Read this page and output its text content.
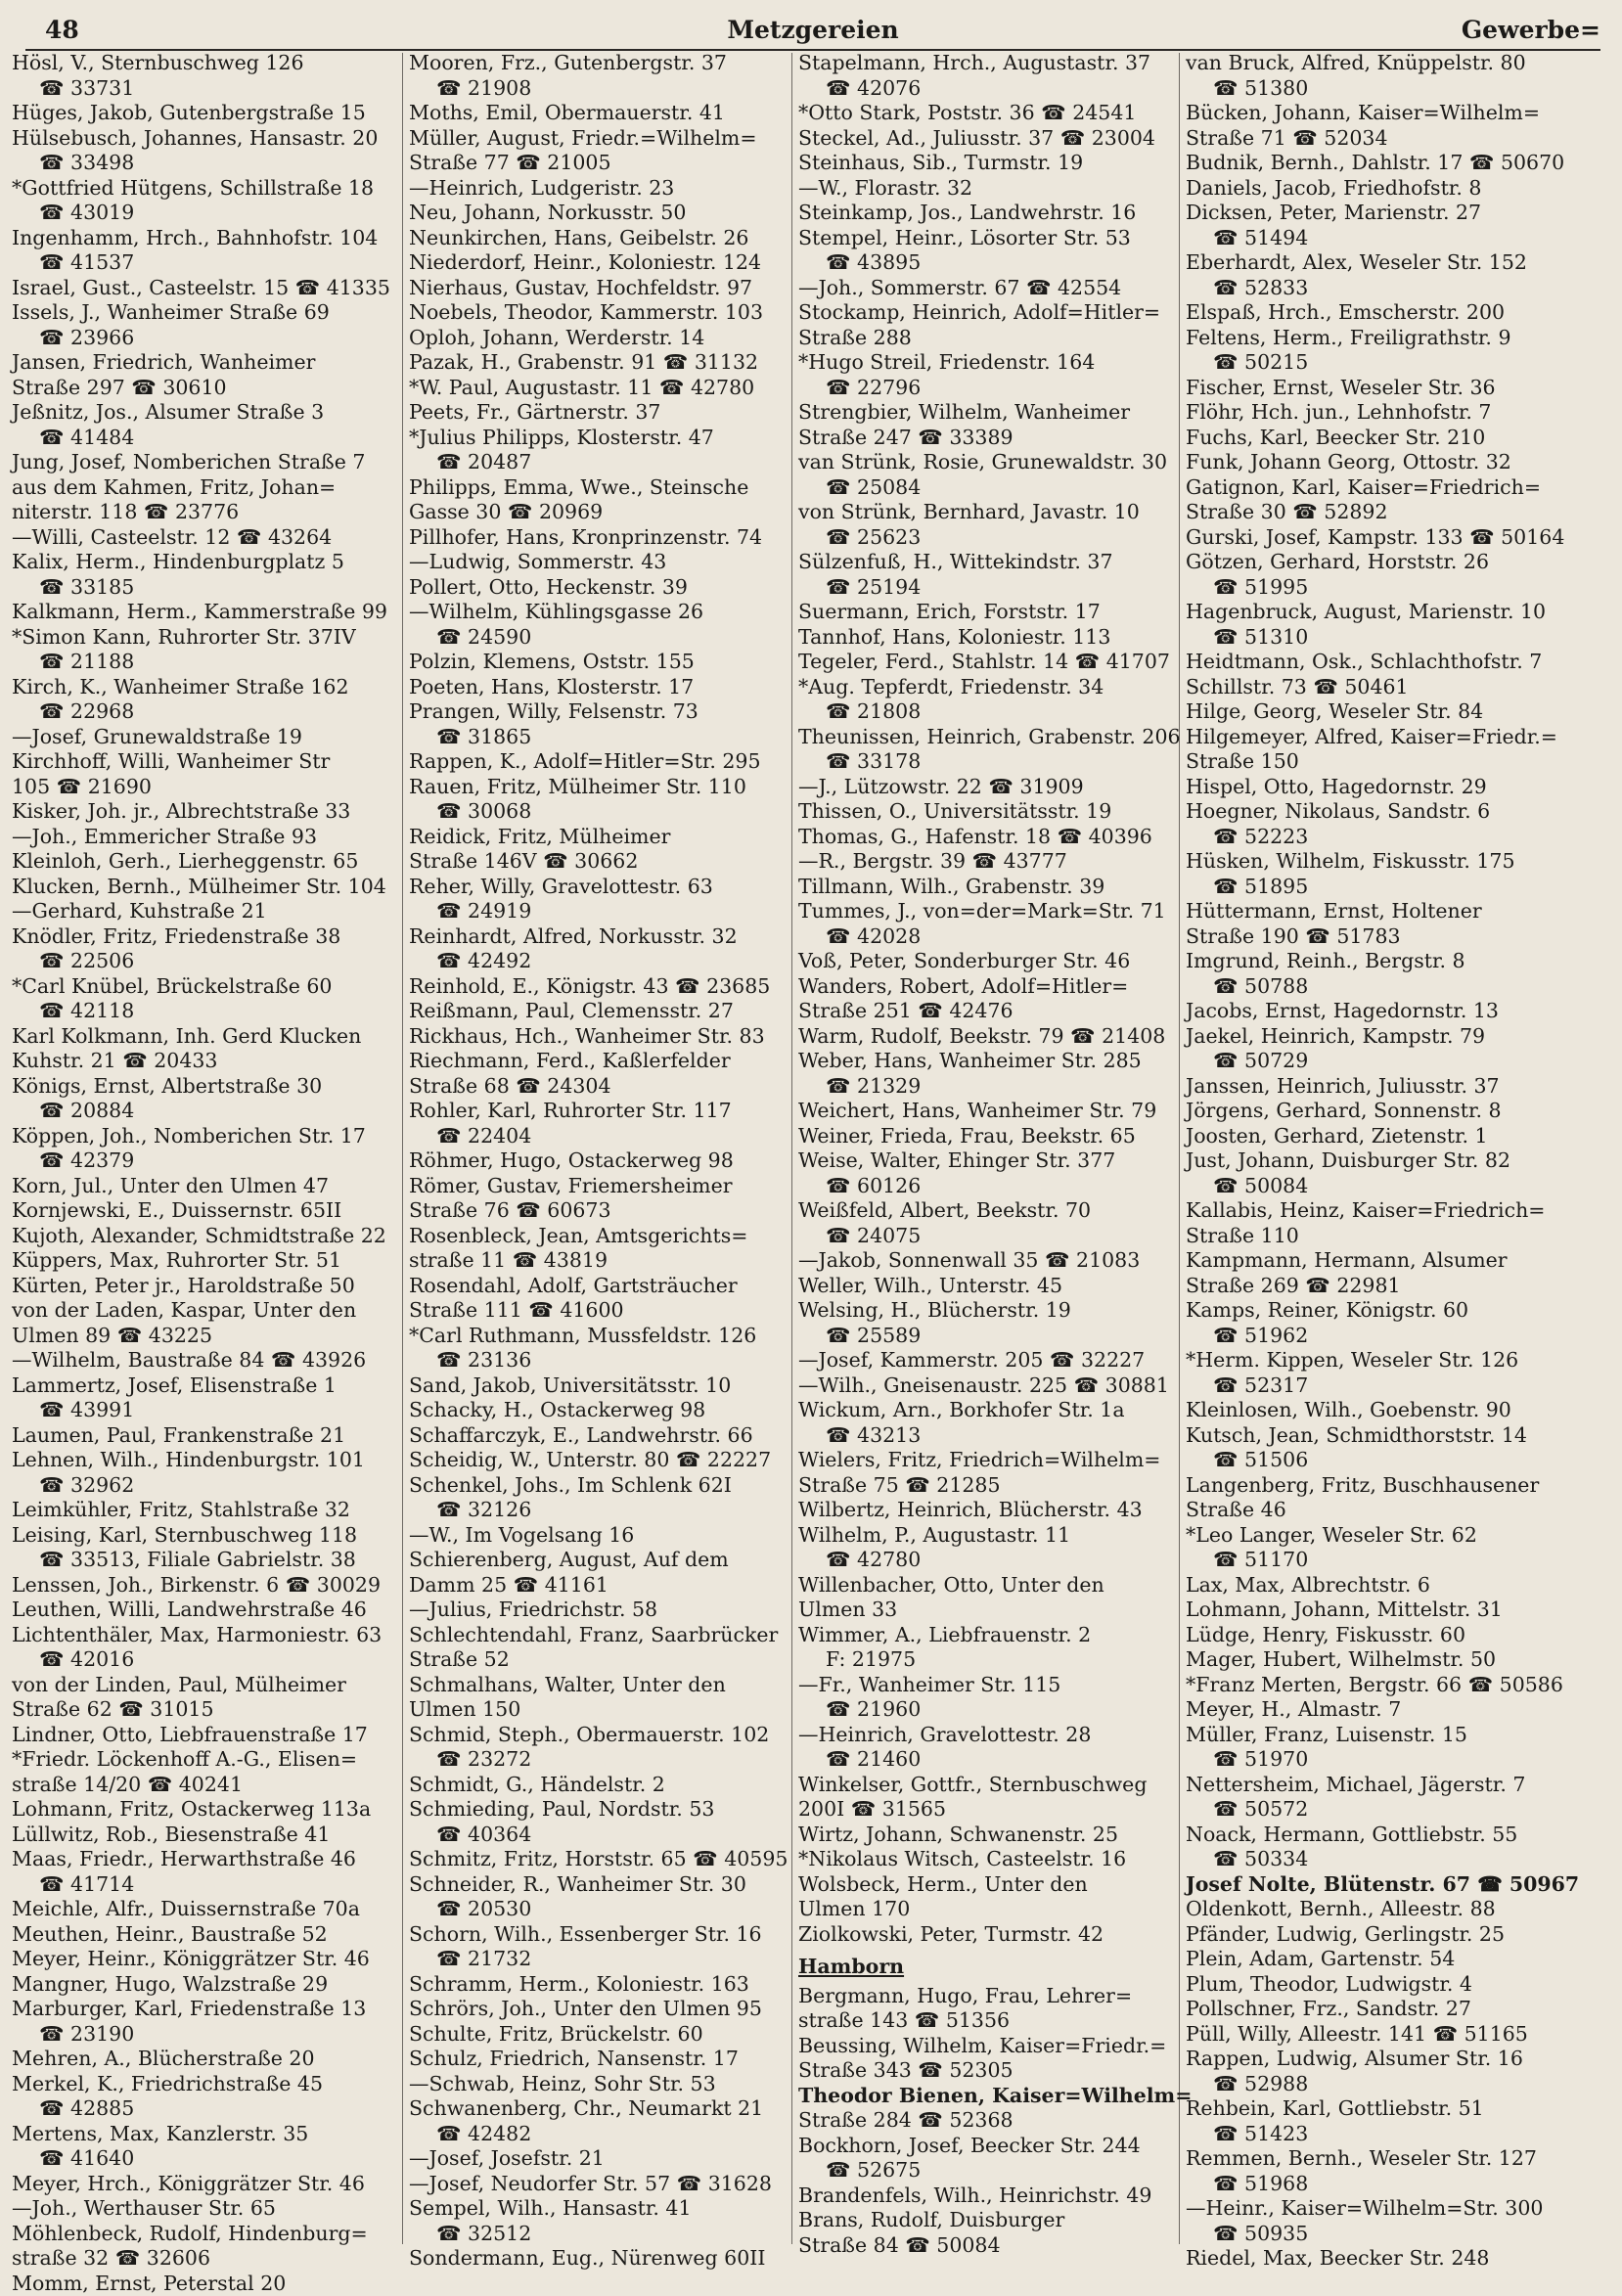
48	Metzgereien	Gewerbe=
Hösl, V., Sternbuschweg 126
☎ 33731
Hüges, Jakob, Gutenbergstraße 15
Hülsebusch, Johannes, Hansastr. 20
☎ 33498
*Gottfried Hütgens, Schillstraße 18
☎ 43019
Ingenhamm, Hrch., Bahnhofstr. 104
☎ 41537
Israel, Gust., Casteelstr. 15 ☎ 41335
Issels, J., Wanheimer Straße 69
☎ 23966
Jansen, Friedrich, Wanheimer
Straße 297 ☎ 30610
Jeßnitz, Jos., Alsumer Straße 3
☎ 41484
Jung, Josef, Nomberichen Straße 7
aus dem Kahmen, Fritz, Johan=
niterstr. 118 ☎ 23776
—Willi, Casteelstr. 12 ☎ 43264
Kalix, Herm., Hindenburgplatz 5
☎ 33185
Kalkmann, Herm., Kammerstraße 99
*Simon Kann, Ruhrorter Str. 37IV
☎ 21188
Kirch, K., Wanheimer Straße 162
☎ 22968
—Josef, Grunewaldstraße 19
Kirchhoff, Willi, Wanheimer Str
105 ☎ 21690
Kisker, Joh. jr., Albrechtstraße 33
—Joh., Emmericher Straße 93
Kleinloh, Gerh., Lierheggenstr. 65
Klucken, Bernh., Mülheimer Str. 104
—Gerhard, Kuhstraße 21
Knödler, Fritz, Friedenstraße 38
☎ 22506
*Carl Knübel, Brückelstraße 60
☎ 42118
Karl Kolkmann, Inh. Gerd Klucken
Kuhstr. 21 ☎ 20433
Königs, Ernst, Albertstraße 30
☎ 20884
Köppen, Joh., Nomberichen Str. 17
☎ 42379
Korn, Jul., Unter den Ulmen 47
Kornjewski, E., Duissernstr. 65II
Kujoth, Alexander, Schmidtstraße 22
Küppers, Max, Ruhrorter Str. 51
Kürten, Peter jr., Haroldstraße 50
von der Laden, Kaspar, Unter den
Ulmen 89 ☎ 43225
—Wilhelm, Baustraße 84 ☎ 43926
Lammertz, Josef, Elisenstraße 1
☎ 43991
Laumen, Paul, Frankenstraße 21
Lehnen, Wilh., Hindenburgstr. 101
☎ 32962
Leimkühler, Fritz, Stahlstraße 32
Leising, Karl, Sternbuschweg 118
☎ 33513, Filiale Gabrielstr. 38
Lenssen, Joh., Birkenstr. 6 ☎ 30029
Leuthen, Willi, Landwehrstraße 46
Lichtenthäler, Max, Harmoniestr. 63
☎ 42016
von der Linden, Paul, Mülheimer
Straße 62 ☎ 31015
Lindner, Otto, Liebfrauenstraße 17
*Friedr. Löckenhoff A.-G., Elisen=
straße 14/20 ☎ 40241
Lohmann, Fritz, Ostackerweg 113a
Lüllwitz, Rob., Biesenstraße 41
Maas, Friedr., Herwarthstraße 46
☎ 41714
Meichle, Alfr., Duissernstraße 70a
Meuthen, Heinr., Baustraße 52
Meyer, Heinr., Königgrätzer Str. 46
Mangner, Hugo, Walzstraße 29
Marburger, Karl, Friedenstraße 13
☎ 23190
Mehren, A., Blücherstraße 20
Merkel, K., Friedrichstraße 45
☎ 42885
Mertens, Max, Kanzlerstr. 35
☎ 41640
Meyer, Hrch., Königgrätzer Str. 46
—Joh., Werthauser Str. 65
Möhlenbeck, Rudolf, Hindenburg=
straße 32 ☎ 32606
Momm, Ernst, Peterstal 20
Mooren, Frz., Gutenbergstr. 37
☎ 21908
Moths, Emil, Obermauerstr. 41
Müller, August, Friedr.=Wilhelm=
Straße 77 ☎ 21005
—Heinrich, Ludgeristr. 23
Neu, Johann, Norkusstr. 50
Neunkirchen, Hans, Geibelstr. 26
Niederdorf, Heinr., Koloniestr. 124
Nierhaus, Gustav, Hochfeldstr. 97
Noebels, Theodor, Kammerstr. 103
Oploh, Johann, Werderstr. 14
Pazak, H., Grabenstr. 91 ☎ 31132
*W. Paul, Augustastr. 11 ☎ 42780
Peets, Fr., Gärtnerstr. 37
*Julius Philipps, Klosterstr. 47
☎ 20487
Philipps, Emma, Wwe., Steinsche
Gasse 30 ☎ 20969
Pillhofer, Hans, Kronprinzenstr. 74
—Ludwig, Sommerstr. 43
Pollert, Otto, Heckenstr. 39
—Wilhelm, Kühlingsgasse 26
☎ 24590
Polzin, Klemens, Oststr. 155
Poeten, Hans, Klosterstr. 17
Prangen, Willy, Felsenstr. 73
☎ 31865
Rappen, K., Adolf=Hitler=Str. 295
Rauen, Fritz, Mülheimer Str. 110
☎ 30068
Reidick, Fritz, Mülheimer
Straße 146V ☎ 30662
Reher, Willy, Gravelottestr. 63
☎ 24919
Reinhardt, Alfred, Norkusstr. 32
☎ 42492
Reinhold, E., Königstr. 43 ☎ 23685
Reißmann, Paul, Clemensstr. 27
Rickhaus, Hch., Wanheimer Str. 83
Riechmann, Ferd., Kaßlerfelder
Straße 68 ☎ 24304
Rohler, Karl, Ruhrorter Str. 117
☎ 22404
Röhmer, Hugo, Ostackerweg 98
Römer, Gustav, Friemersheimer
Straße 76 ☎ 60673
Rosenbleck, Jean, Amtsgerichts=
straße 11 ☎ 43819
Rosendahl, Adolf, Gartsträucher
Straße 111 ☎ 41600
*Carl Ruthmann, Mussfeldstr. 126
☎ 23136
Sand, Jakob, Universitätsstr. 10
Schacky, H., Ostackerweg 98
Schaffarczyk, E., Landwehrstr. 66
Scheidig, W., Unterstr. 80 ☎ 22227
Schenkel, Johs., Im Schlenk 62I
☎ 32126
—W., Im Vogelsang 16
Schierenberg, August, Auf dem
Damm 25 ☎ 41161
—Julius, Friedrichstr. 58
Schlechtendahl, Franz, Saarbrücker
Straße 52
Schmalhans, Walter, Unter den
Ulmen 150
Schmid, Steph., Obermauerstr. 102
☎ 23272
Schmidt, G., Händelstr. 2
Schmieding, Paul, Nordstr. 53
☎ 40364
Schmitz, Fritz, Horststr. 65 ☎ 40595
Schneider, R., Wanheimer Str. 30
☎ 20530
Schorn, Wilh., Essenberger Str. 16
☎ 21732
Schramm, Herm., Koloniestr. 163
Schrörs, Joh., Unter den Ulmen 95
Schulte, Fritz, Brückelstr. 60
Schulz, Friedrich, Nansenstr. 17
—Schwab, Heinz, Sohr Str. 53
Schwanenberg, Chr., Neumarkt 21
☎ 42482
—Josef, Josefstr. 21
—Josef, Neudorfer Str. 57 ☎ 31628
Sempel, Wilh., Hansastr. 41
☎ 32512
Sondermann, Eug., Nürenweg 60II
Stapelmann, Hrch., Augustastr. 37
☎ 42076
*Otto Stark, Poststr. 36 ☎ 24541
Steckel, Ad., Juliusstr. 37 ☎ 23004
Steinhaus, Sib., Turmstr. 19
—W., Florastr. 32
Steinkamp, Jos., Landwehrstr. 16
Stempel, Heinr., Lösorter Str. 53
☎ 43895
—Joh., Sommerstr. 67 ☎ 42554
Stockamp, Heinrich, Adolf=Hitler=
Straße 288
*Hugo Streil, Friedenstr. 164
☎ 22796
Strengbier, Wilhelm, Wanheimer
Straße 247 ☎ 33389
van Strünk, Rosie, Grunewaldstr. 30
☎ 25084
von Strünk, Bernhard, Javastr. 10
☎ 25623
Sülzenfuß, H., Wittekindstr. 37
☎ 25194
Suermann, Erich, Forststr. 17
Tannhof, Hans, Koloniestr. 113
Tegeler, Ferd., Stahlstr. 14 ☎ 41707
*Aug. Tepferdt, Friedenstr. 34
☎ 21808
Theunissen, Heinrich, Grabenstr. 206
☎ 33178
—J., Lützowstr. 22 ☎ 31909
Thissen, O., Universitätsstr. 19
Thomas, G., Hafenstr. 18 ☎ 40396
—R., Bergstr. 39 ☎ 43777
Tillmann, Wilh., Grabenstr. 39
Tummes, J., von=der=Mark=Str. 71
☎ 42028
Voß, Peter, Sonderburger Str. 46
Wanders, Robert, Adolf=Hitler=
Straße 251 ☎ 42476
Warm, Rudolf, Beekstr. 79 ☎ 21408
Weber, Hans, Wanheimer Str. 285
☎ 21329
Weichert, Hans, Wanheimer Str. 79
Weiner, Frieda, Frau, Beekstr. 65
Weise, Walter, Ehinger Str. 377
☎ 60126
Weißfeld, Albert, Beekstr. 70
☎ 24075
—Jakob, Sonnenwall 35 ☎ 21083
Weller, Wilh., Unterstr. 45
Welsing, H., Blücherstr. 19
☎ 25589
—Josef, Kammerstr. 205 ☎ 32227
—Wilh., Gneisenaustr. 225 ☎ 30881
Wickum, Arn., Borkhofer Str. 1a
☎ 43213
Wielers, Fritz, Friedrich=Wilhelm=
Straße 75 ☎ 21285
Wilbertz, Heinrich, Blücherstr. 43
Wilhelm, P., Augustastr. 11
☎ 42780
Willenbacher, Otto, Unter den
Ulmen 33
Wimmer, A., Liebfrauenstr. 2
F: 21975
—Fr., Wanheimer Str. 115
☎ 21960
—Heinrich, Gravelottestr. 28
☎ 21460
Winkelser, Gottfr., Sternbuschweg
200I ☎ 31565
Wirtz, Johann, Schwanenstr. 25
*Nikolaus Witsch, Casteelstr. 16
Wolsbeck, Herm., Unter den
Ulmen 170
Ziolkowski, Peter, Turmstr. 42
Hamborn
Bergmann, Hugo, Frau, Lehrer=
straße 143 ☎ 51356
Beussing, Wilhelm, Kaiser=Friedr.=
Straße 343 ☎ 52305
Theodor Bienen, Kaiser=Wilhelm=
Straße 284 ☎ 52368
Bockhorn, Josef, Beecker Str. 244
☎ 52675
Brandenfels, Wilh., Heinrichstr. 49
Brans, Rudolf, Duisburger
Straße 84 ☎ 50084
van Bruck, Alfred, Knüppelstr. 80
☎ 51380
Bücken, Johann, Kaiser=Wilhelm=
Straße 71 ☎ 52034
Budnik, Bernh., Dahlstr. 17 ☎ 50670
Daniels, Jacob, Friedhofstr. 8
Dicksen, Peter, Marienstr. 27
☎ 51494
Eberhardt, Alex, Weseler Str. 152
☎ 52833
Elspaß, Hrch., Emscherstr. 200
Feltens, Herm., Freiligrathstr. 9
☎ 50215
Fischer, Ernst, Weseler Str. 36
Flöhr, Hch. jun., Lehnhofstr. 7
Fuchs, Karl, Beecker Str. 210
Funk, Johann Georg, Ottostr. 32
Gatignon, Karl, Kaiser=Friedrich=
Straße 30 ☎ 52892
Gurski, Josef, Kampstr. 133 ☎ 50164
Götzen, Gerhard, Horststr. 26
☎ 51995
Hagenbruck, August, Marienstr. 10
☎ 51310
Heidtmann, Osk., Schlachthofstr. 7
Schillstr. 73 ☎ 50461
Hilge, Georg, Weseler Str. 84
Hilgemeyer, Alfred, Kaiser=Friedr.=
Straße 150
Hispel, Otto, Hagedornstr. 29
Hoegner, Nikolaus, Sandstr. 6
☎ 52223
Hüsken, Wilhelm, Fiskusstr. 175
☎ 51895
Hüttermann, Ernst, Holtener
Straße 190 ☎ 51783
Imgrund, Reinh., Bergstr. 8
☎ 50788
Jacobs, Ernst, Hagedornstr. 13
Jaekel, Heinrich, Kampstr. 79
☎ 50729
Janssen, Heinrich, Juliusstr. 37
Jörgens, Gerhard, Sonnenstr. 8
Joosten, Gerhard, Zietenstr. 1
Just, Johann, Duisburger Str. 82
☎ 50084
Kallabis, Heinz, Kaiser=Friedrich=
Straße 110
Kampmann, Hermann, Alsumer
Straße 269 ☎ 22981
Kamps, Reiner, Königstr. 60
☎ 51962
*Herm. Kippen, Weseler Str. 126
☎ 52317
Kleinlosen, Wilh., Goebenstr. 90
Kutsch, Jean, Schmidthorststr. 14
☎ 51506
Langenberg, Fritz, Buschhausener
Straße 46
*Leo Langer, Weseler Str. 62
☎ 51170
Lax, Max, Albrechtstr. 6
Lohmann, Johann, Mittelstr. 31
Lüdge, Henry, Fiskusstr. 60
Mager, Hubert, Wilhelmstr. 50
*Franz Merten, Bergstr. 66 ☎ 50586
Meyer, H., Almastr. 7
Müller, Franz, Luisenstr. 15
☎ 51970
Nettersheim, Michael, Jägerstr. 7
☎ 50572
Noack, Hermann, Gottliebstr. 55
☎ 50334
Josef Nolte, Blütenstr. 67 ☎ 50967
Oldenkott, Bernh., Alleestr. 88
Pfänder, Ludwig, Gerlingstr. 25
Plein, Adam, Gartenstr. 54
Plum, Theodor, Ludwigstr. 4
Pollschner, Frz., Sandstr. 27
Püll, Willy, Alleestr. 141 ☎ 51165
Rappen, Ludwig, Alsumer Str. 16
☎ 52988
Rehbein, Karl, Gottliebstr. 51
☎ 51423
Remmen, Bernh., Weseler Str. 127
☎ 51968
—Heinr., Kaiser=Wilhelm=Str. 300
☎ 50935
Riedel, Max, Beecker Str. 248
